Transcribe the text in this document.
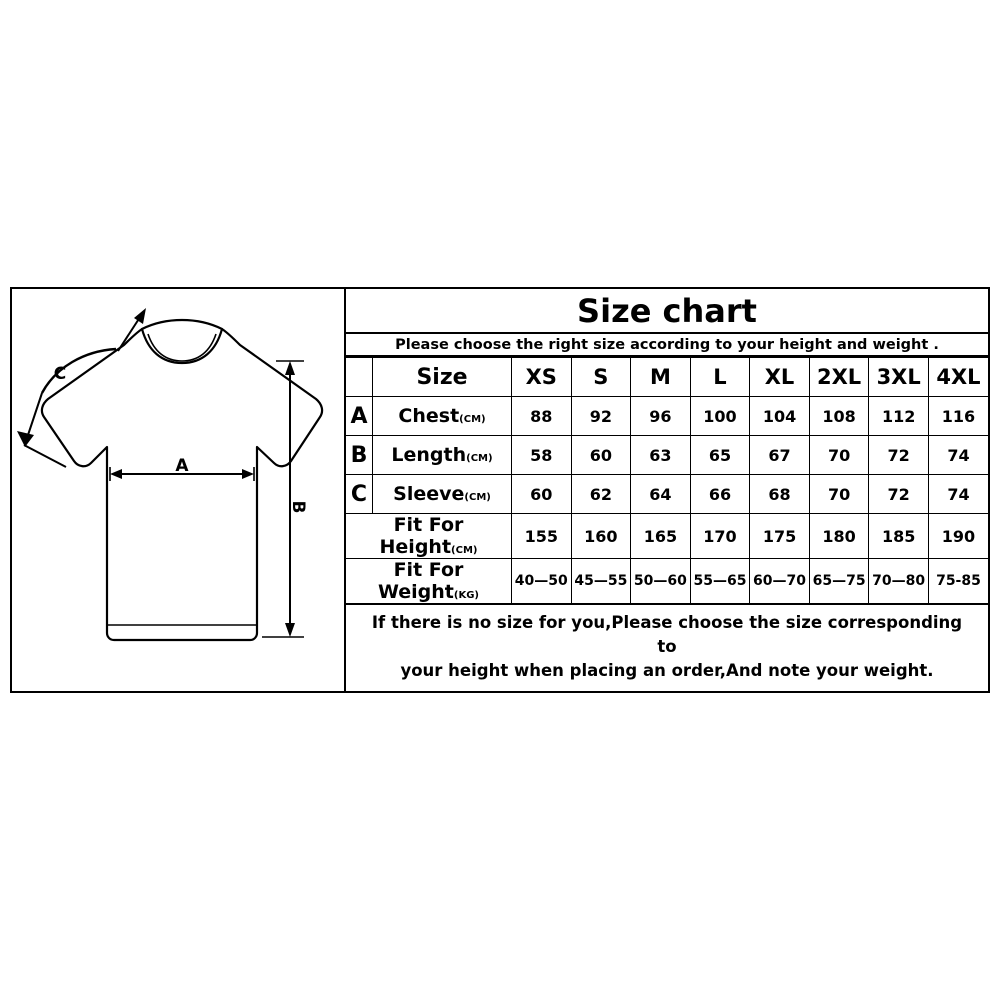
A
B
C
Size chart
Please choose the right size according to your height and weight .
	Size	XS	S	M	L	XL	2XL	3XL	4XL
A	Chest(CM)	88	92	96	100	104	108	112	116
B	Length(CM)	58	60	63	65	67	70	72	74
C	Sleeve(CM)	60	62	64	66	68	70	72	74
Fit For Height(CM)		155	160	165	170	175	180	185	190
Fit For Weight(KG)		40—50	45—55	50—60	55—65	60—70	65—75	70—80	75-85
If there is no size for you,Please choose the size corresponding to
your height when placing an order,And note your weight.
